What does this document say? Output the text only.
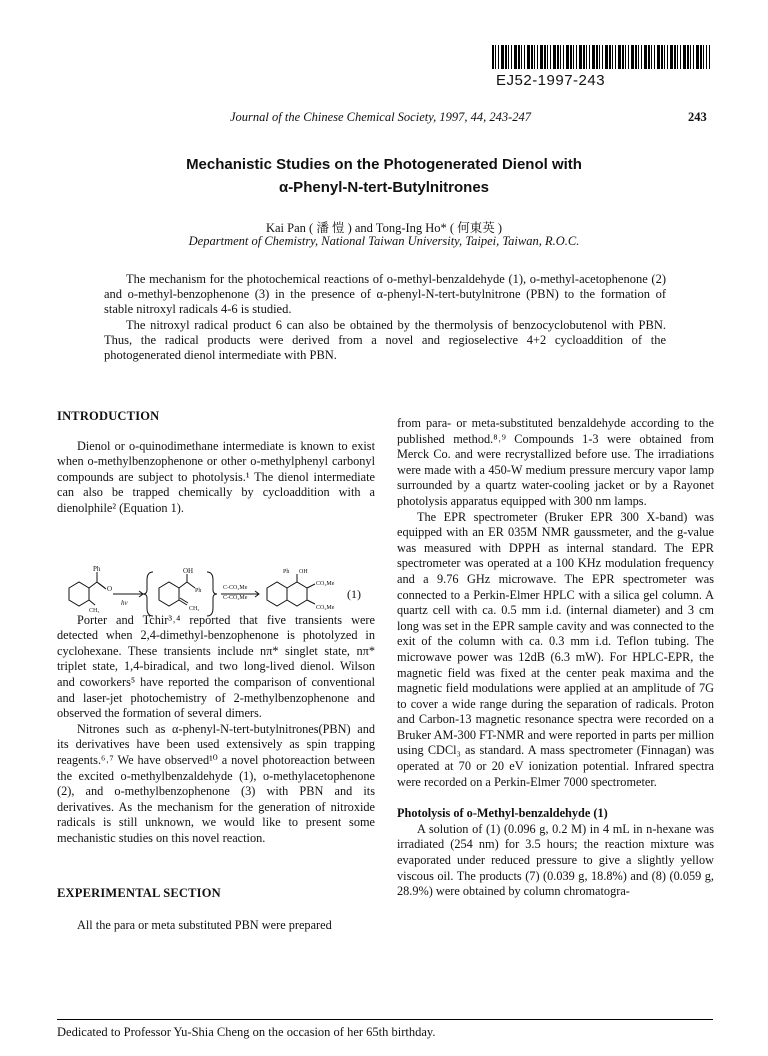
EJ52-1997-243
Journal of the Chinese Chemical Society, 1997, 44, 243-247	243
Mechanistic Studies on the Photogenerated Dienol with
α-Phenyl-N-tert-Butylnitrones
Kai Pan ( 潘 愷 ) and Tong-Ing Ho* ( 何東英 )
Department of Chemistry, National Taiwan University, Taipei, Taiwan, R.O.C.

The mechanism for the photochemical reactions of o-methyl-benzaldehyde (1), o-methyl-acetophenone (2) and o-methyl-benzophenone (3) in the presence of α-phenyl-N-tert-butylnitrone (PBN) to the formation of stable nitroxyl radicals 4-6 is studied.

The nitroxyl radical product 6 can also be obtained by the thermolysis of benzocyclobutenol with PBN. Thus, the radical products were derived from a novel and regioselective 4+2 cycloaddition of the photogenerated dienol intermediate with PBN.

INTRODUCTION

Dienol or o-quinodimethane intermediate is known to exist when o-methylbenzophenone or other o-methylphenyl carbonyl compounds are subject to photolysis.¹ The dienol intermediate can also be trapped chemically by cycloaddition with a dienolphile² (Equation 1).

Porter and Tchir³˒⁴ reported that five transients were detected when 2,4-dimethyl-benzophenone is photolyzed in cyclohexane. These transients include nπ* singlet state, nπ* triplet state, 1,4-biradical, and two long-lived dienol. Wilson and coworkers⁵ have reported the comparison of conventional and laser-jet photochemistry of 2-methylbenzophenone and observed the formation of several dimers.

Nitrones such as α-phenyl-N-tert-butylnitrones(PBN) and its derivatives have been used extensively as spin trapping reagents.⁶˒⁷ We have observed¹⁰ a novel photoreaction between the excited o-methylbenzaldehyde (1), o-methylacetophenone (2), and o-methylbenzophenone (3) with PBN and its derivatives. As the mechanism for the generation of nitroxide radicals is still unknown, we would like to present some mechanistic studies on this novel reaction.

EXPERIMENTAL SECTION

All the para or meta substituted PBN were prepared

Ph
O
CH₃
hν
OH
Ph
CH₂
C-CO₂Me
C-CO₂Me
Ph OH
CO₂Me
CO₂Me
(1)

from para- or meta-substituted benzaldehyde according to the published method.⁸˒⁹ Compounds 1-3 were obtained from Merck Co. and were recrystallized before use. The irradiations were made with a 450-W medium pressure mercury vapor lamp surrounded by a quartz water-cooling jacket or by a Rayonet photolysis apparatus equipped with 300 nm lamps.

The EPR spectrometer (Bruker EPR 300 X-band) was equipped with an ER 035M NMR gaussmeter, and the g-value was measured with DPPH as internal standard. The EPR spectrometer was operated at a 100 KHz modulation frequency and a 9.76 GHz microwave. The EPR spectrometer was connected to a Perkin-Elmer HPLC with a silica gel column. A quartz cell with ca. 0.5 mm i.d. (internal diameter) and 3 cm long was set in the EPR sample cavity and was connected to the exit of the column with ca. 0.3 mm i.d. Teflon tubing. The microwave power was 12dB (6.3 mW). For HPLC-EPR, the magnetic field was fixed at the center peak maxima and the magnetic field modulations were applied at an amplitude of 7G to cover a wide range during the separation of radicals. Proton and Carbon-13 magnetic resonance spectra were recorded on a Bruker AM-300 FT-NMR and were reported in parts per million using CDCl₃ as standard. A mass spectrometer (Finnagan) was operated at 70 or 20 eV ionization potential. Infrared spectra were recorded on a Perkin-Elmer 7000 spectrometer.

Photolysis of o-Methyl-benzaldehyde (1)

A solution of (1) (0.096 g, 0.2 M) in 4 mL in n-hexane was irradiated (254 nm) for 3.5 hours; the reaction mixture was evaporated under reduced pressure to give a slightly yellow viscous oil. The products (7) (0.039 g, 18.8%) and (8) (0.059 g, 28.9%) were obtained by column chromatogra-

Dedicated to Professor Yu-Shia Cheng on the occasion of her 65th birthday.
